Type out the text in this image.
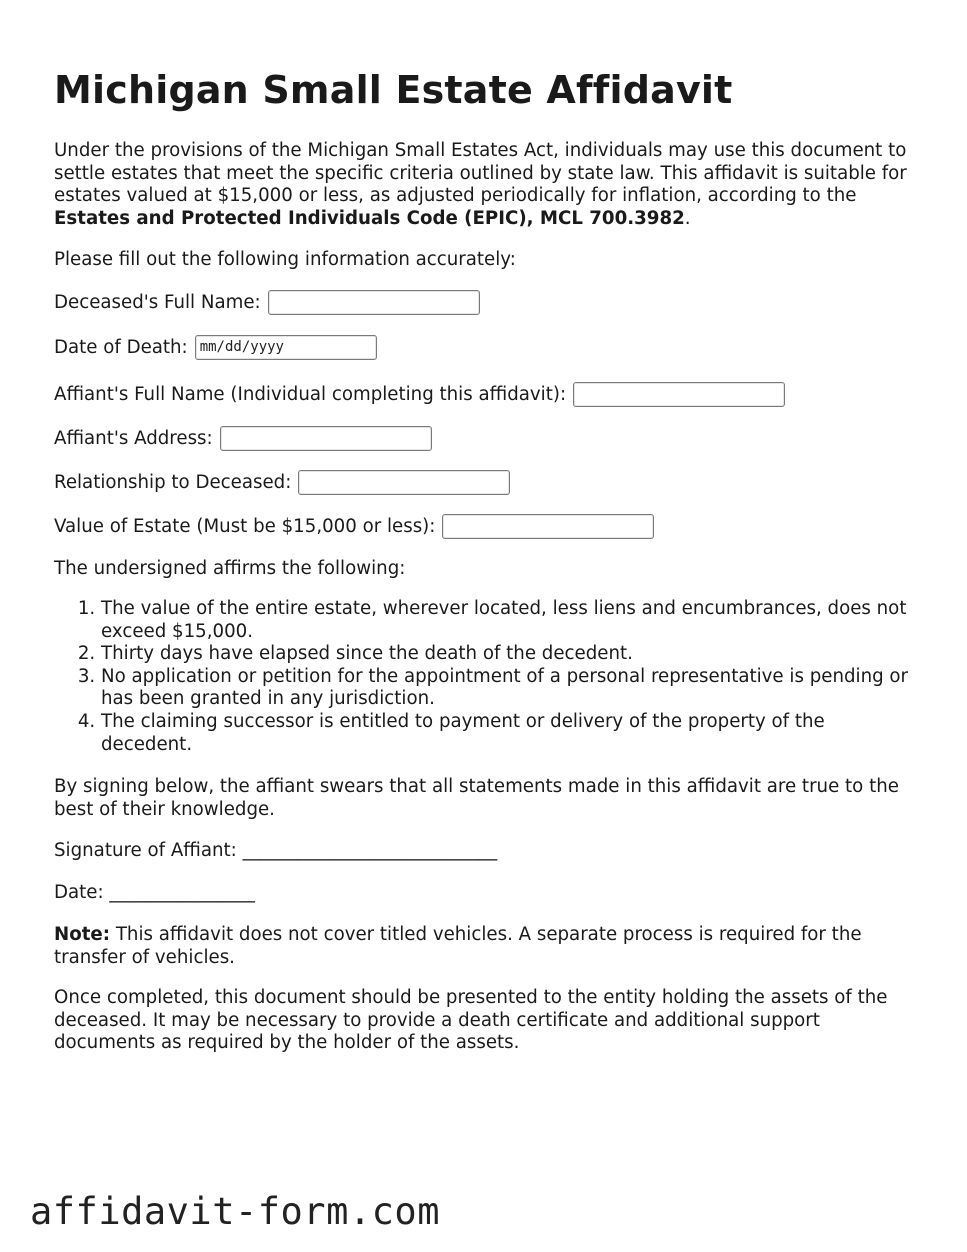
Michigan Small Estate Affidavit

Under the provisions of the Michigan Small Estates Act, individuals may use this document to settle estates that meet the specific criteria outlined by state law. This affidavit is suitable for estates valued at $15,000 or less, as adjusted periodically for inflation, according to the Estates and Protected Individuals Code (EPIC), MCL 700.3982.

Please fill out the following information accurately:

Deceased's Full Name:
Date of Death: mm/dd/yyyy
Affiant's Full Name (Individual completing this affidavit):
Affiant's Address:
Relationship to Deceased:
Value of Estate (Must be $15,000 or less):

The undersigned affirms the following:

1. The value of the entire estate, wherever located, less liens and encumbrances, does not exceed $15,000.
2. Thirty days have elapsed since the death of the decedent.
3. No application or petition for the appointment of a personal representative is pending or has been granted in any jurisdiction.
4. The claiming successor is entitled to payment or delivery of the property of the decedent.

By signing below, the affiant swears that all statements made in this affidavit are true to the best of their knowledge.

Signature of Affiant: ____________________________

Date: ________________

Note: This affidavit does not cover titled vehicles. A separate process is required for the transfer of vehicles.

Once completed, this document should be presented to the entity holding the assets of the deceased. It may be necessary to provide a death certificate and additional support documents as required by the holder of the assets.

affidavit-form.com
